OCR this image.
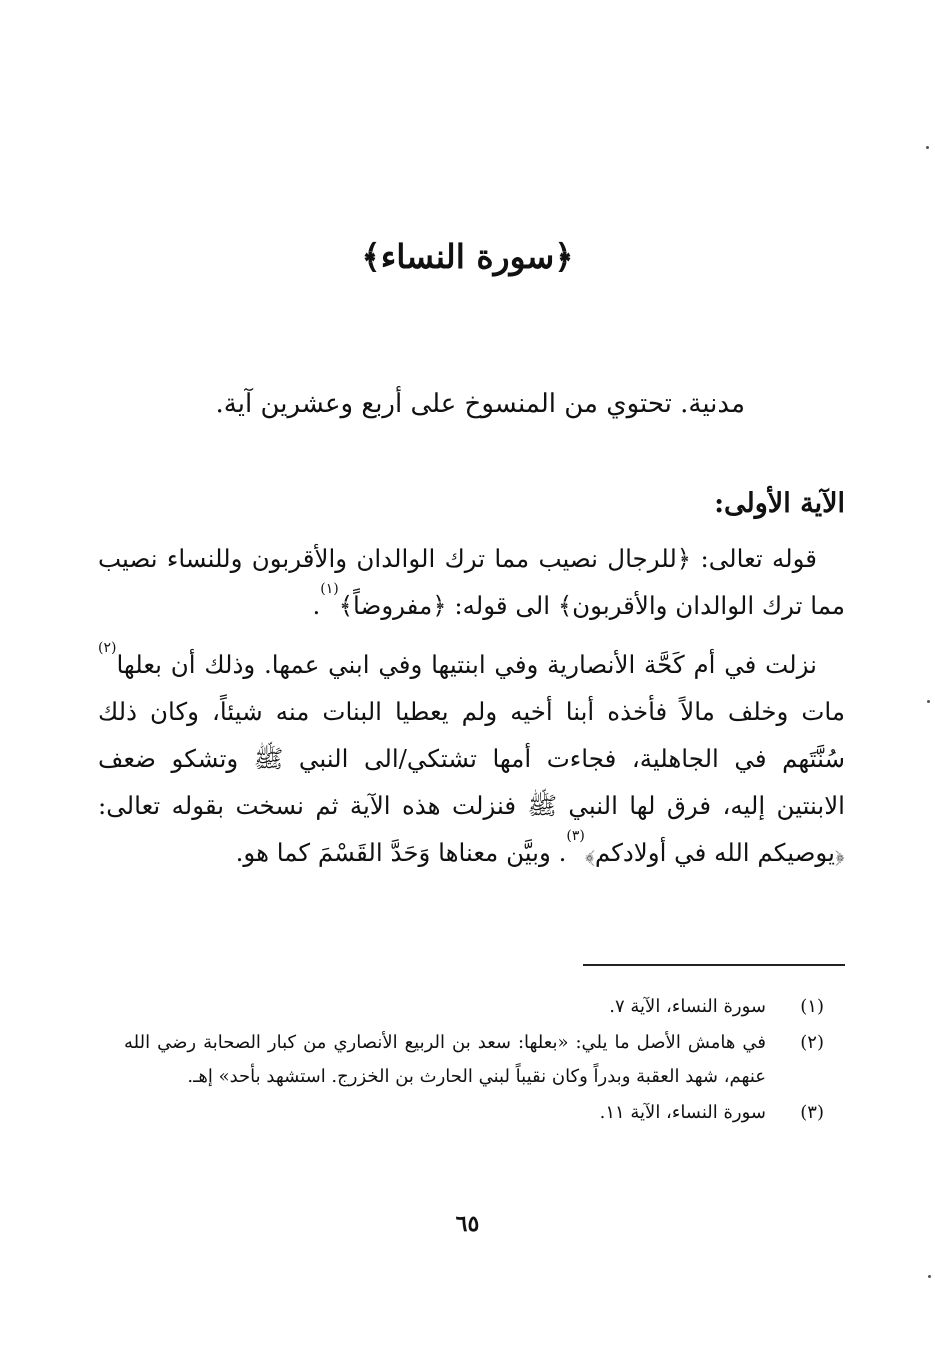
﴿سورة النساء﴾
مدنية. تحتوي من المنسوخ على أربع وعشرين آية.
الآية الأولى:

قوله تعالى: ﴿للرجال نصيب مما ترك الوالدان والأقربون وللنساء نصيب مما ترك الوالدان والأقربون﴾ الى قوله: ﴿مفروضاً﴾$^{(١)}$.

نزلت في أم كَحَّة الأنصارية وفي ابنتيها وفي ابني عمها. وذلك أن بعلها$^{(٢)}$ مات وخلف مالاً فأخذه أبنا أخيه ولم يعطيا البنات منه شيئاً، وكان ذلك سُنَّتَهم في الجاهلية، فجاءت أمها تشتكي/الى النبي ﷺ وتشكو ضعف الابنتين إليه، فرق لها النبي ﷺ فنزلت هذه الآية ثم نسخت بقوله تعالى: ﴿يوصيكم الله في أولادكم﴾$^{(٣)}$. وبيَّن معناها وَحَدَّ القَسْمَ كما هو.

(١)
سورة النساء، الآية ٧.
(٢)
في هامش الأصل ما يلي: «بعلها: سعد بن الربيع الأنصاري من كبار الصحابة رضي الله عنهم، شهد العقبة وبدراً وكان نقيباً لبني الحارث بن الخزرج. استشهد بأحد» إهـ.
(٣)
سورة النساء، الآية ١١.
٦٥
